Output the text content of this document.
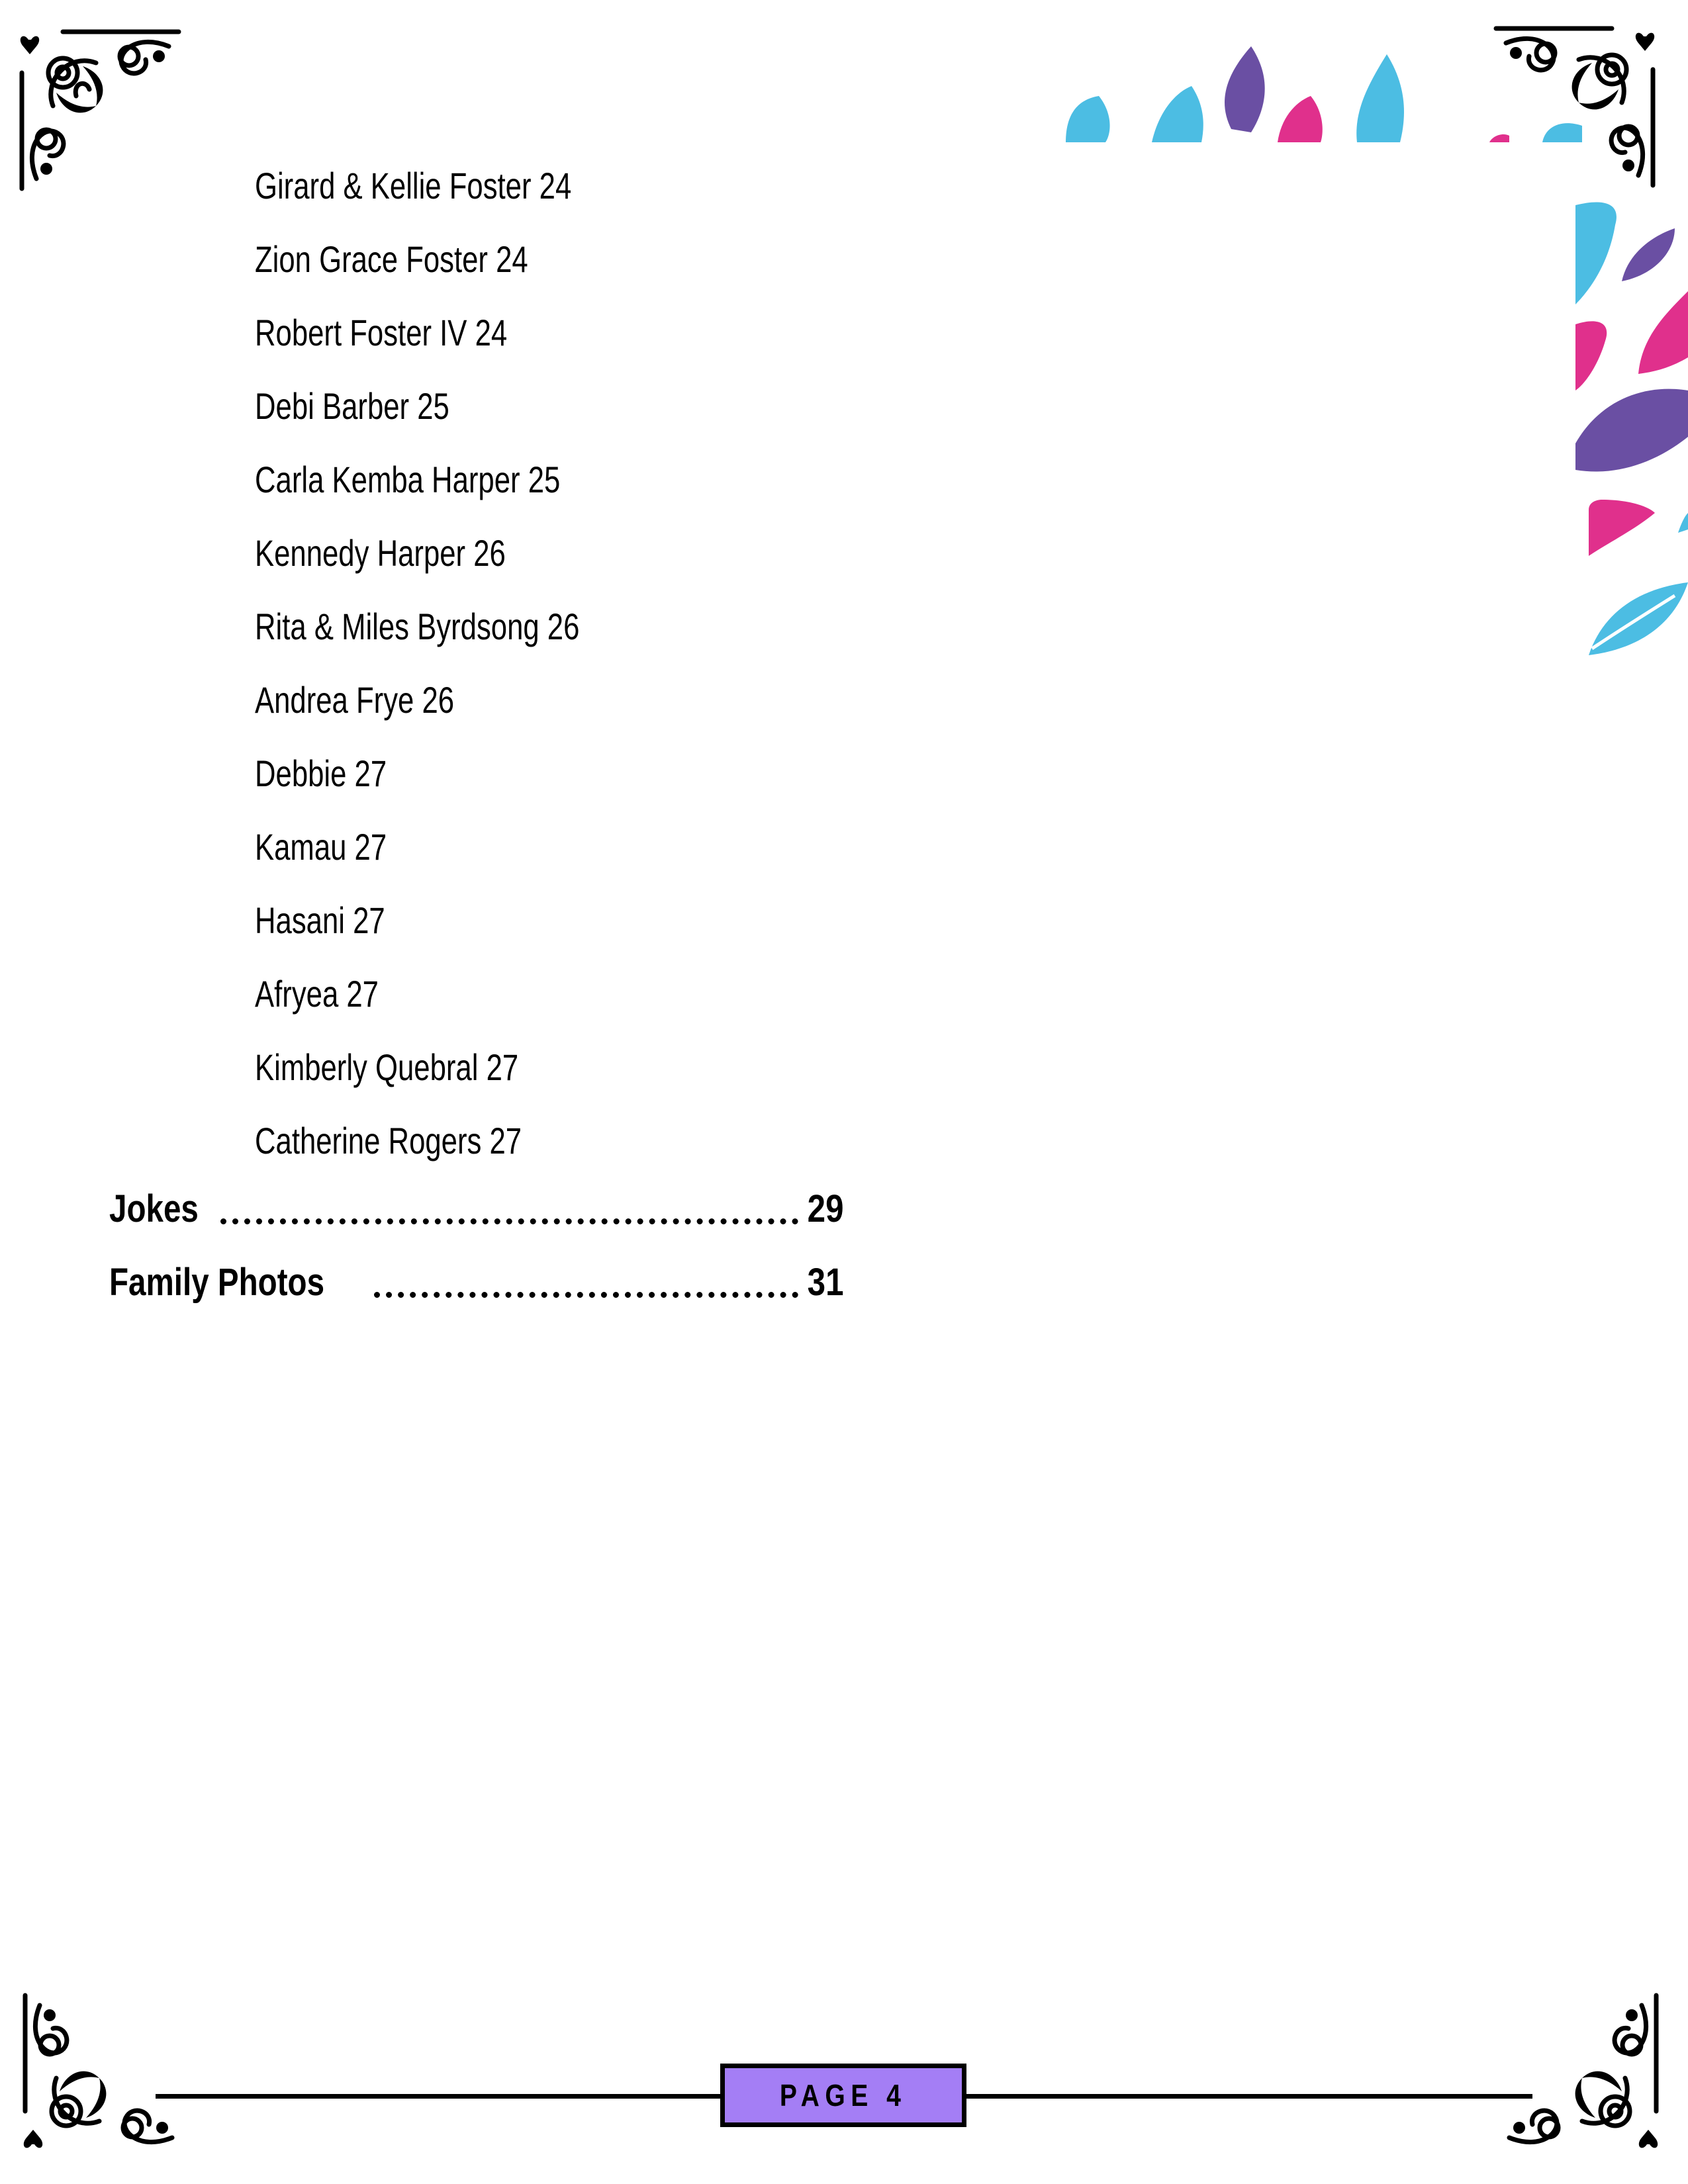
Girard & Kellie Foster 24
Zion Grace Foster 24
Robert Foster IV 24
Debi Barber 25
Carla Kemba Harper 25
Kennedy Harper 26
Rita & Miles Byrdsong 26
Andrea Frye 26
Debbie 27
Kamau 27
Hasani 27
Afryea 27
Kimberly Quebral 27
Catherine Rogers 27
Jokes	29
Family Photos	31
PAGE 4
